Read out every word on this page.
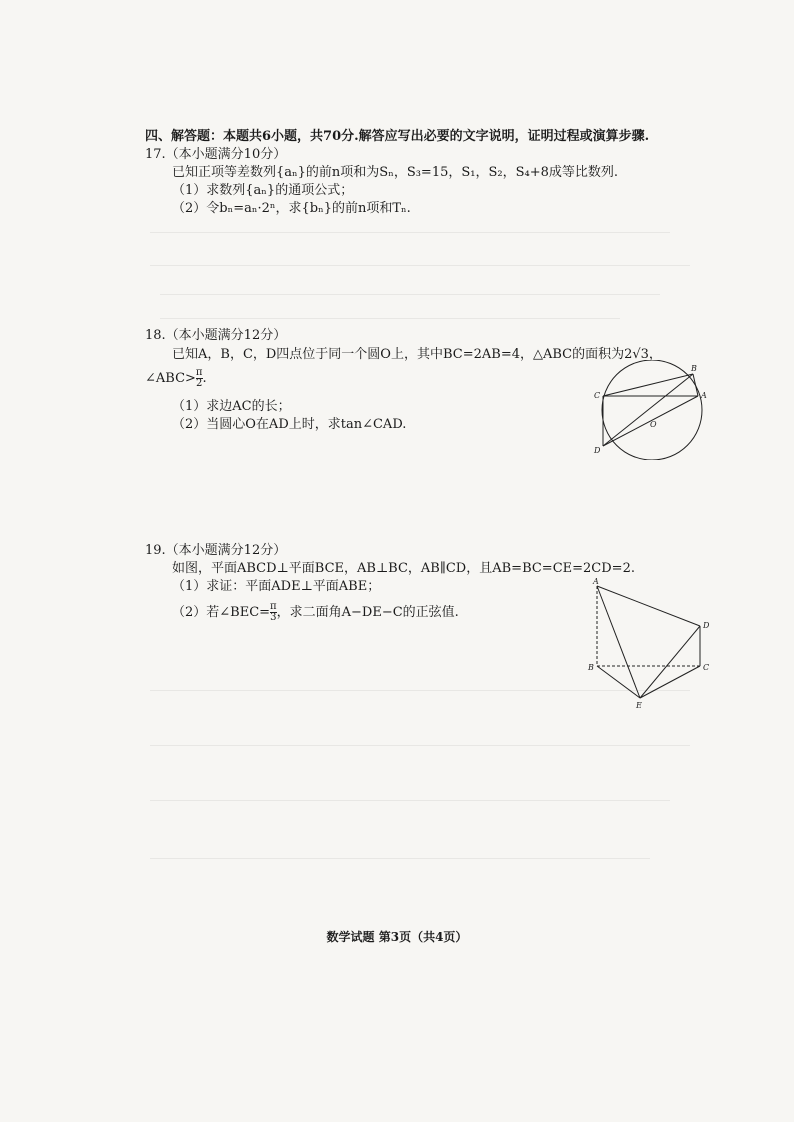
四、解答题：本题共6小题，共70分.解答应写出必要的文字说明，证明过程或演算步骤.
17.（本小题满分10分）
已知正项等差数列{aₙ}的前n项和为Sₙ，S₃=15，S₁，S₂，S₄+8成等比数列.
（1）求数列{aₙ}的通项公式；
（2）令bₙ=aₙ·2ⁿ，求{bₙ}的前n项和Tₙ.
18.（本小题满分12分）
已知A，B，C，D四点位于同一个圆O上，其中BC=2AB=4，△ABC的面积为2√3，
∠ABC> $\frac{\pi}{2}$ .
（1）求边AC的长；
（2）当圆心O在AD上时，求tan∠CAD.
C
B
A
D
O
19.（本小题满分12分）
如图，平面ABCD⊥平面BCE，AB⊥BC，AB∥CD，且AB=BC=CE=2CD=2.
（1）求证：平面ADE⊥平面ABE；
（2）若∠BEC= $\frac{\pi}{3}$ ，求二面角A−DE−C的正弦值.
A
B	C
D
E
数学试题 第3页（共4页）
